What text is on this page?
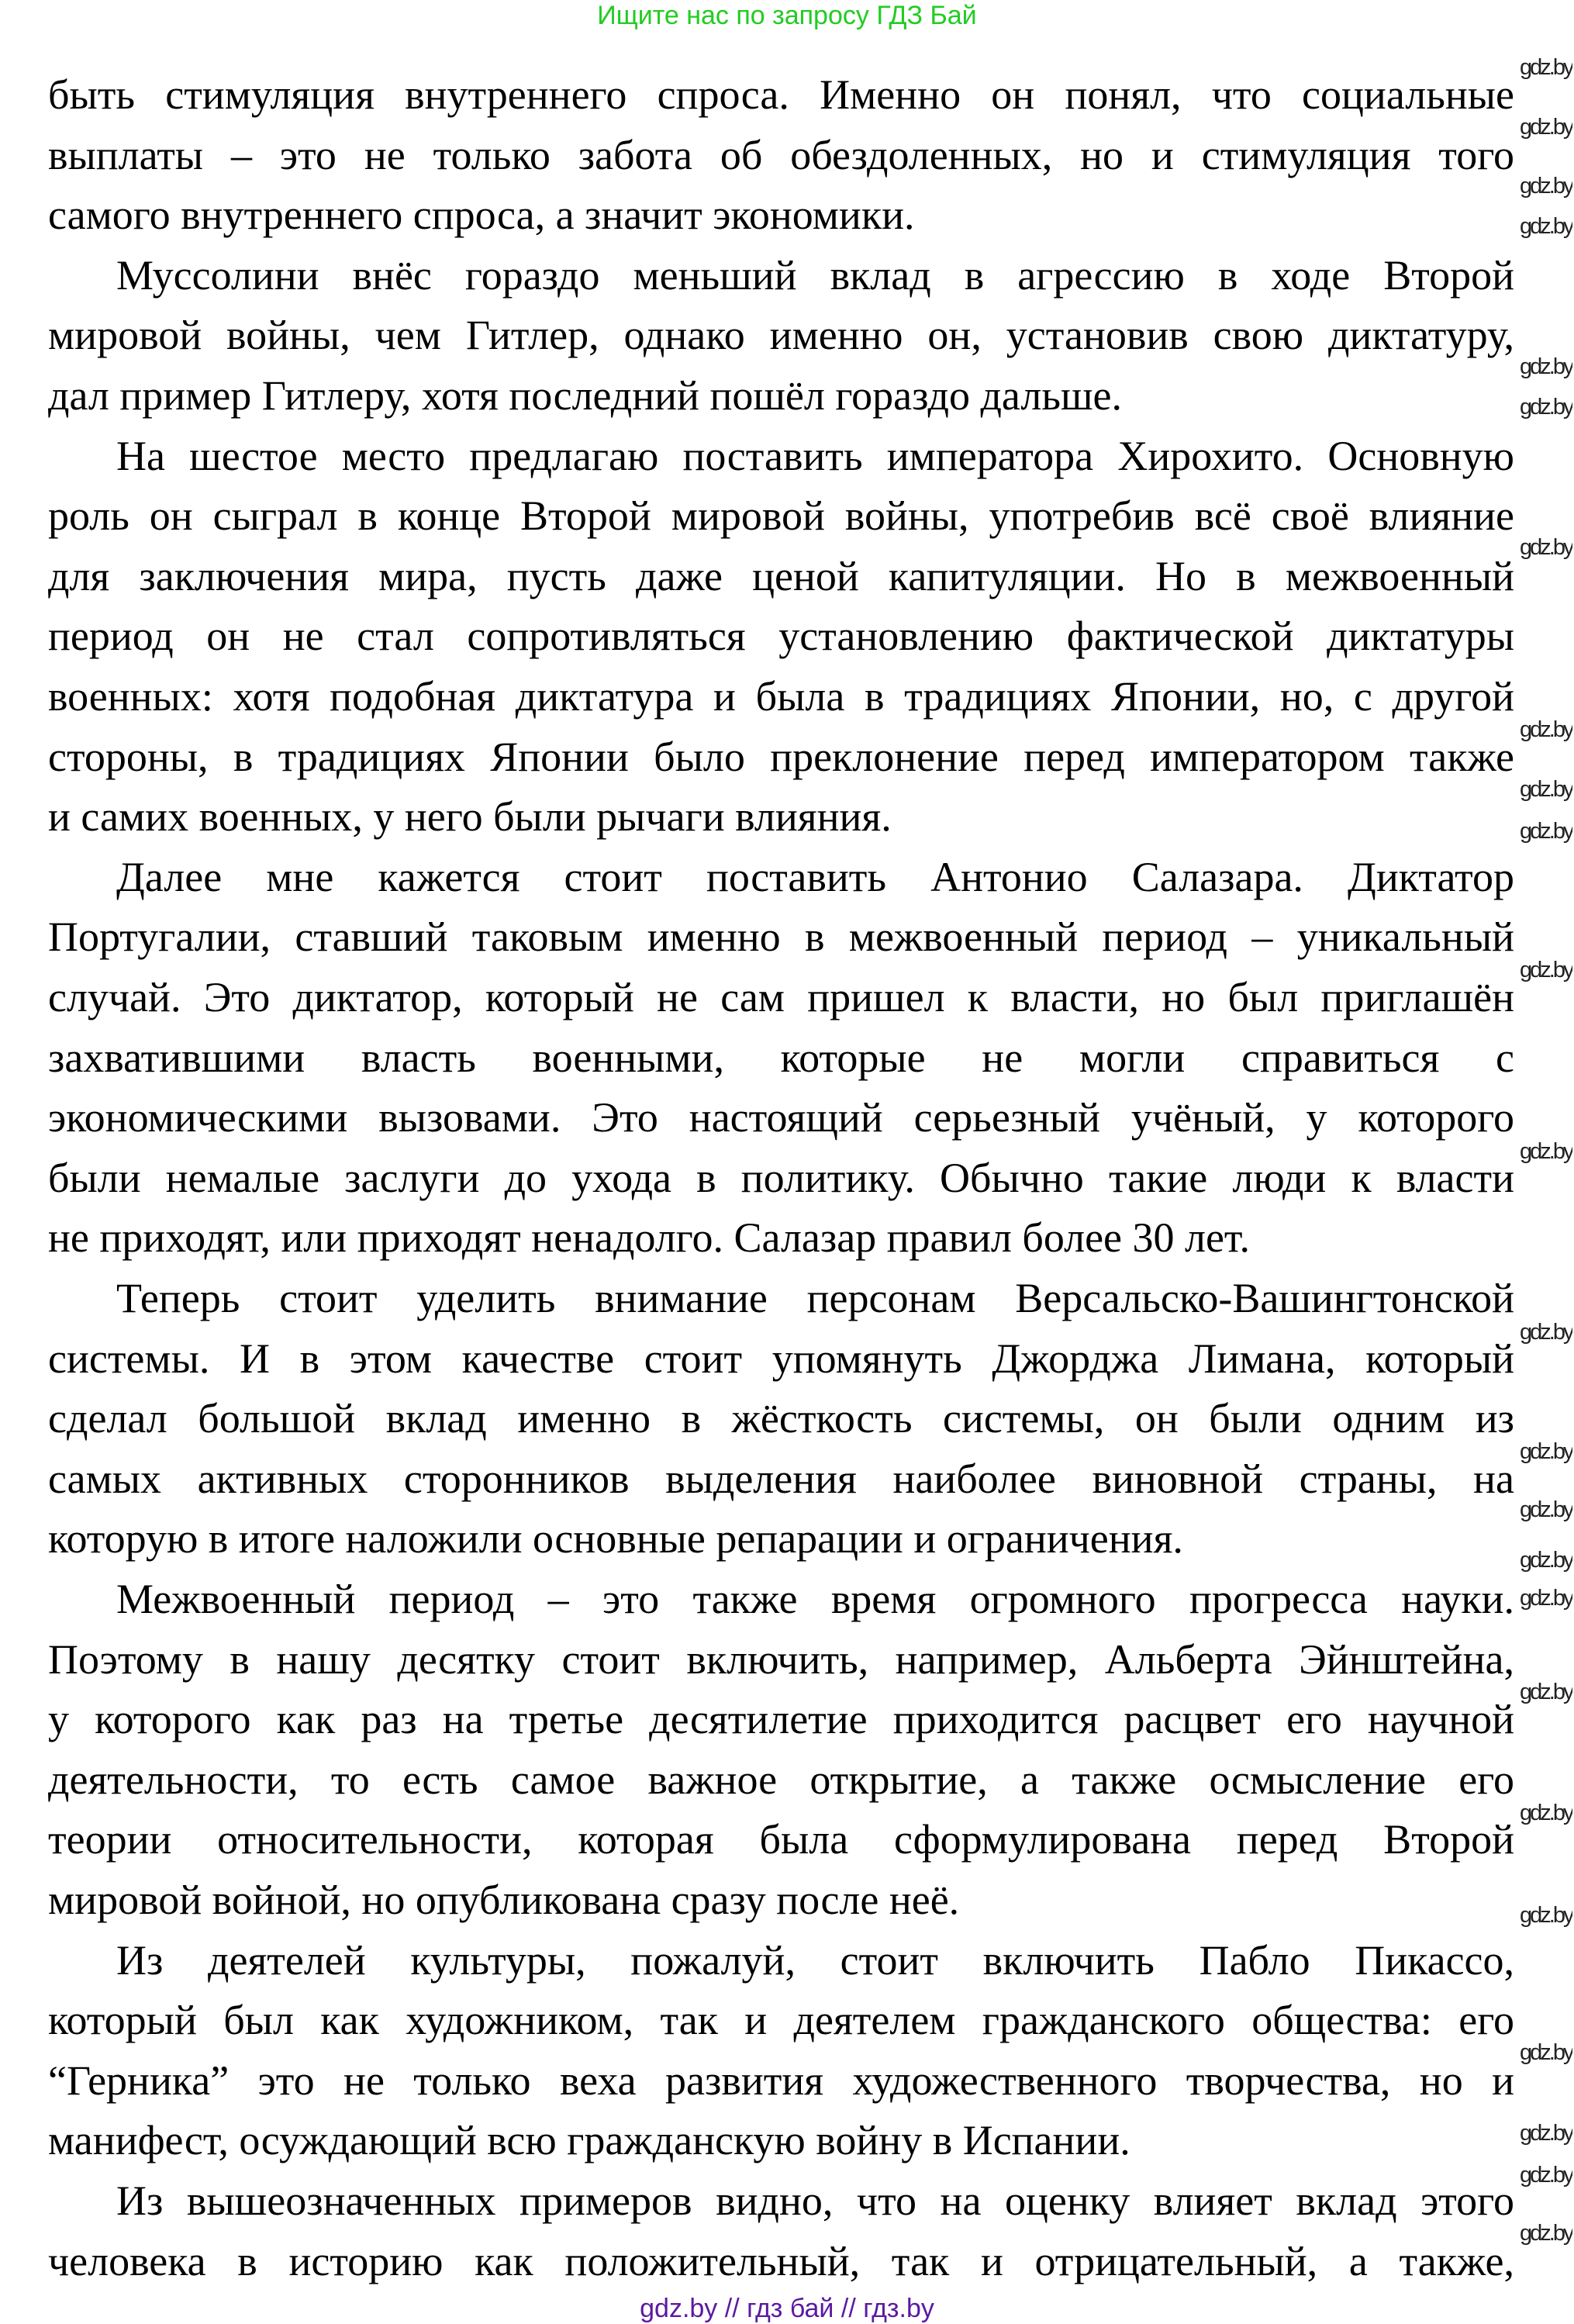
Ищите нас по запросу ГДЗ Бай
быть стимуляция внутреннего спроса. Именно он понял, что социальные
выплаты – это не только забота об обездоленных, но и стимуляция того
самого внутреннего спроса, а значит экономики.
Муссолини внёс гораздо меньший вклад в агрессию в ходе Второй
мировой войны, чем Гитлер, однако именно он, установив свою диктатуру,
дал пример Гитлеру, хотя последний пошёл гораздо дальше.
На шестое место предлагаю поставить императора Хирохито. Основную
роль он сыграл в конце Второй мировой войны, употребив всё своё влияние
для заключения мира, пусть даже ценой капитуляции. Но в межвоенный
период он не стал сопротивляться установлению фактической диктатуры
военных: хотя подобная диктатура и была в традициях Японии, но, с другой
стороны, в традициях Японии было преклонение перед императором также
и самих военных, у него были рычаги влияния.
Далее мне кажется стоит поставить Антонио Салазара. Диктатор
Португалии, ставший таковым именно в межвоенный период – уникальный
случай. Это диктатор, который не сам пришел к власти, но был приглашён
захватившими власть военными, которые не могли справиться с
экономическими вызовами. Это настоящий серьезный учёный, у которого
были немалые заслуги до ухода в политику. Обычно такие люди к власти
не приходят, или приходят ненадолго. Салазар правил более 30 лет.
Теперь стоит уделить внимание персонам Версальско-Вашингтонской
системы. И в этом качестве стоит упомянуть Джорджа Лимана, который
сделал большой вклад именно в жёсткость системы, он были одним из
самых активных сторонников выделения наиболее виновной страны, на
которую в итоге наложили основные репарации и ограничения.
Межвоенный период – это также время огромного прогресса науки.
Поэтому в нашу десятку стоит включить, например, Альберта Эйнштейна,
у которого как раз на третье десятилетие приходится расцвет его научной
деятельности, то есть самое важное открытие, а также осмысление его
теории относительности, которая была сформулирована перед Второй
мировой войной, но опубликована сразу после неё.
Из деятелей культуры, пожалуй, стоит включить Пабло Пикассо,
который был как художником, так и деятелем гражданского общества: его
“Герника” это не только веха развития художественного творчества, но и
манифест, осуждающий всю гражданскую войну в Испании.
Из вышеозначенных примеров видно, что на оценку влияет вклад этого
человека в историю как положительный, так и отрицательный, а также,
gdz.by
gdz.by
gdz.by
gdz.by
gdz.by
gdz.by
gdz.by
gdz.by
gdz.by
gdz.by
gdz.by
gdz.by
gdz.by
gdz.by
gdz.by
gdz.by
gdz.by
gdz.by
gdz.by
gdz.by
gdz.by
gdz.by
gdz.by
gdz.by
gdz.by // гдз бай // гдз.by
